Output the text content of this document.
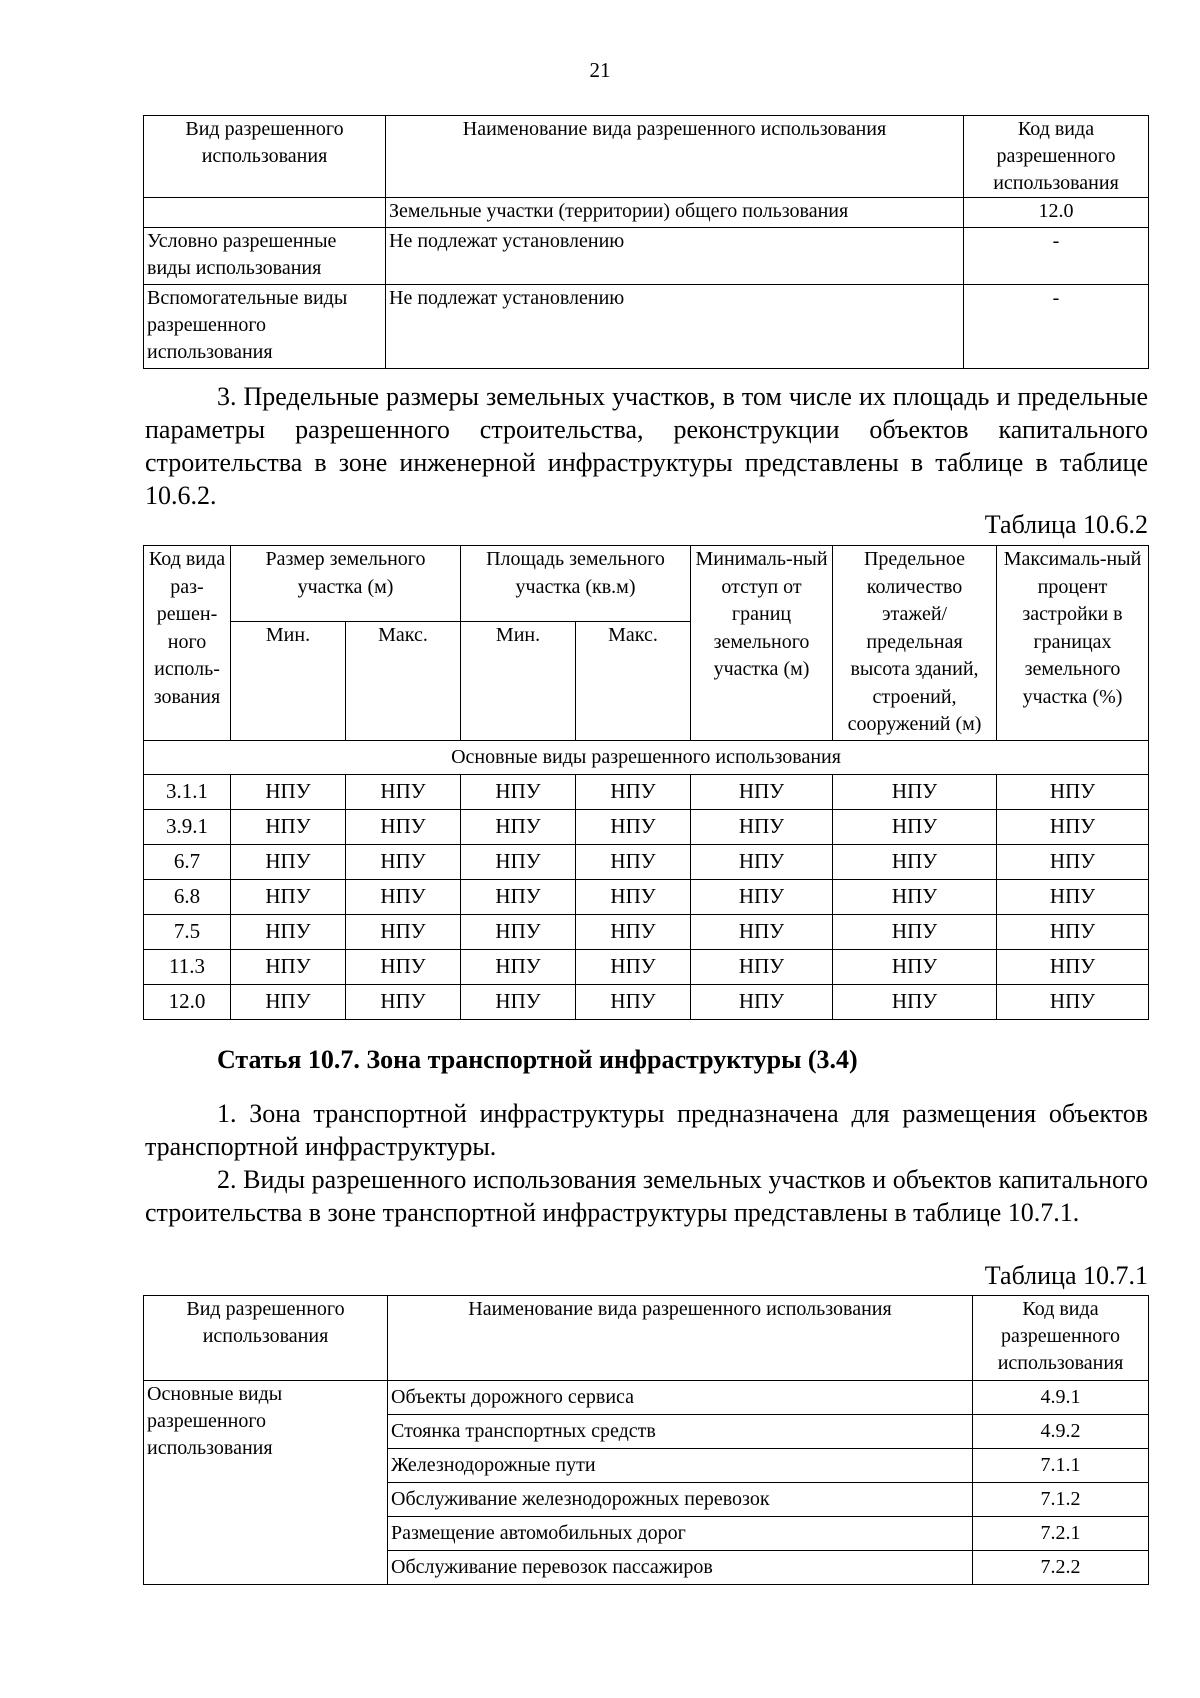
21
Вид разрешенного использования	Наименование вида разрешенного использования	Код вида разрешенного использования
	Земельные участки (территории) общего пользования	12.0
Условно разрешенные виды использования	Не подлежат установлению	-
Вспомогательные виды разрешенного использования	Не подлежат установлению	-

3. Предельные размеры земельных участков, в том числе их площадь и предельные параметры разрешенного строительства, реконструкции объектов капитального строительства в зоне инженерной инфраструктуры представлены в таблице в таблице 10.6.2.

Таблица 10.6.2
Код вида раз-решен-ного исполь-зования	Размер земельного участка (м)		Площадь земельного участка (кв.м)		Минималь-ный отступ от границ земельного участка (м)	Предельное количество этажей/ предельная высота зданий, строений, сооружений (м)	Максималь-ный процент застройки в границах земельного участка (%)
	Мин.	Макс.	Мин.	Макс.			
Основные виды разрешенного использования							
3.1.1	НПУ	НПУ	НПУ	НПУ	НПУ	НПУ	НПУ
3.9.1	НПУ	НПУ	НПУ	НПУ	НПУ	НПУ	НПУ
6.7	НПУ	НПУ	НПУ	НПУ	НПУ	НПУ	НПУ
6.8	НПУ	НПУ	НПУ	НПУ	НПУ	НПУ	НПУ
7.5	НПУ	НПУ	НПУ	НПУ	НПУ	НПУ	НПУ
11.3	НПУ	НПУ	НПУ	НПУ	НПУ	НПУ	НПУ
12.0	НПУ	НПУ	НПУ	НПУ	НПУ	НПУ	НПУ
Статья 10.7. Зона транспортной инфраструктуры (3.4)

1. Зона транспортной инфраструктуры предназначена для размещения объектов транспортной инфраструктуры.

2. Виды разрешенного использования земельных участков и объектов капитального строительства в зоне транспортной инфраструктуры представлены в таблице 10.7.1.

Таблица 10.7.1
Вид разрешенного использования	Наименование вида разрешенного использования	Код вида разрешенного использования
Основные виды разрешенного использования	Объекты дорожного сервиса	4.9.1
	Стоянка транспортных средств	4.9.2
	Железнодорожные пути	7.1.1
	Обслуживание железнодорожных перевозок	7.1.2
	Размещение автомобильных дорог	7.2.1
	Обслуживание перевозок пассажиров	7.2.2
